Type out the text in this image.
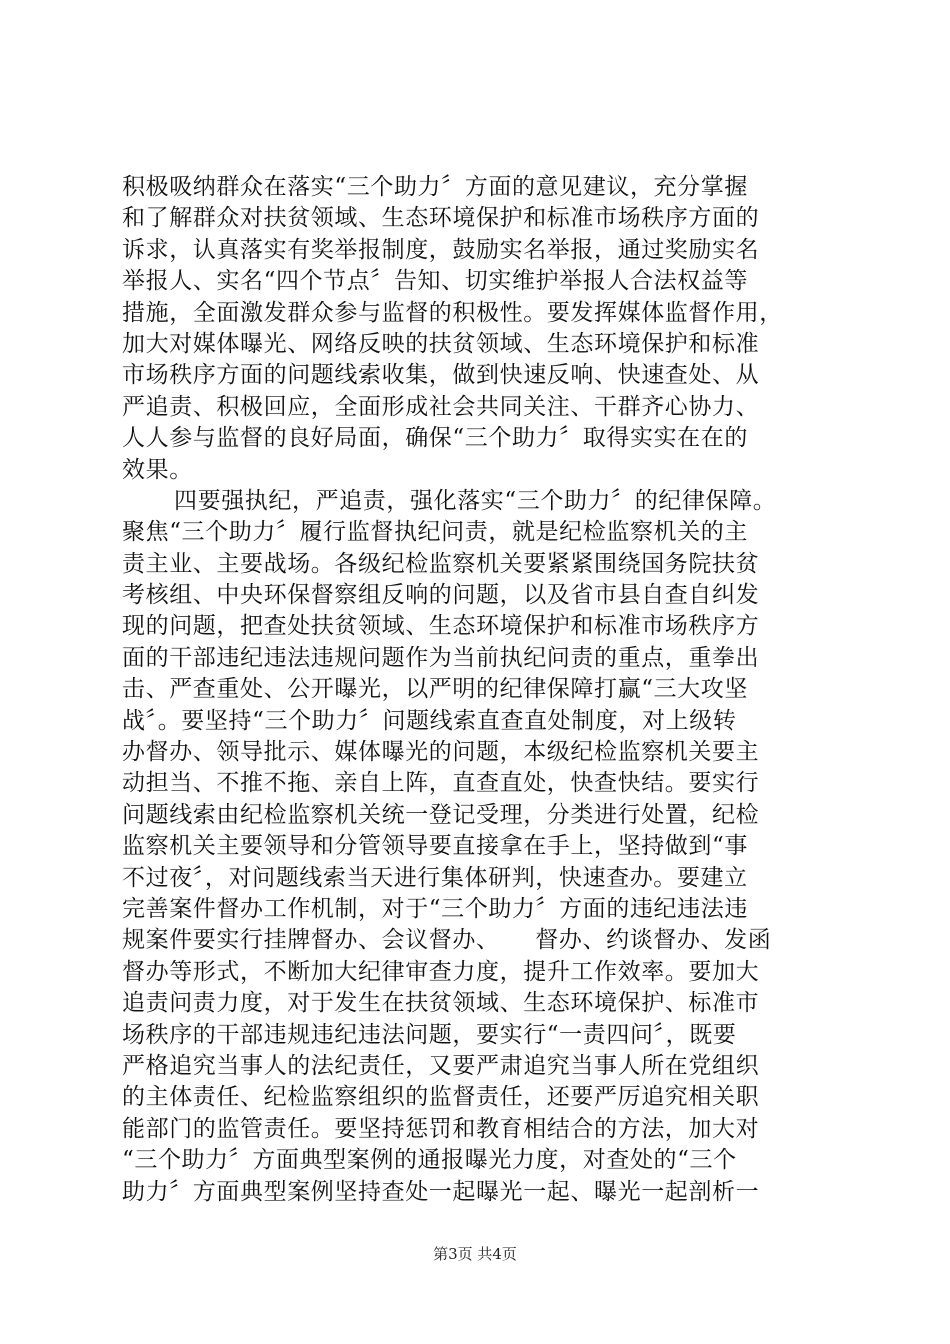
积极吸纳群众在落实“三个助力〞方面的意见建议，充分掌握
和了解群众对扶贫领域、生态环境保护和标准市场秩序方面的
诉求，认真落实有奖举报制度，鼓励实名举报，通过奖励实名
举报人、实名“四个节点〞告知、切实维护举报人合法权益等
措施，全面激发群众参与监督的积极性。要发挥媒体监督作用，
加大对媒体曝光、网络反映的扶贫领域、生态环境保护和标准
市场秩序方面的问题线索收集，做到快速反响、快速查处、从
严追责、积极回应，全面形成社会共同关注、干群齐心协力、
人人参与监督的良好局面，确保“三个助力〞取得实实在在的
效果。
四要强执纪，严追责，强化落实“三个助力〞的纪律保障。
聚焦“三个助力〞履行监督执纪问责，就是纪检监察机关的主
责主业、主要战场。各级纪检监察机关要紧紧围绕国务院扶贫
考核组、中央环保督察组反响的问题，以及省市县自查自纠发
现的问题，把查处扶贫领域、生态环境保护和标准市场秩序方
面的干部违纪违法违规问题作为当前执纪问责的重点，重拳出
击、严查重处、公开曝光，以严明的纪律保障打赢“三大攻坚
战〞。要坚持“三个助力〞问题线索直查直处制度，对上级转
办督办、领导批示、媒体曝光的问题，本级纪检监察机关要主
动担当、不推不拖、亲自上阵，直查直处，快查快结。要实行
问题线索由纪检监察机关统一登记受理，分类进行处置，纪检
监察机关主要领导和分管领导要直接拿在手上，坚持做到“事
不过夜〞，对问题线索当天进行集体研判，快速查办。要建立
完善案件督办工作机制，对于“三个助力〞方面的违纪违法违
规案件要实行挂牌督办、会议督办、　　督办、约谈督办、发函
督办等形式，不断加大纪律审查力度，提升工作效率。要加大
追责问责力度，对于发生在扶贫领域、生态环境保护、标准市
场秩序的干部违规违纪违法问题，要实行“一责四问〞，既要
严格追究当事人的法纪责任，又要严肃追究当事人所在党组织
的主体责任、纪检监察组织的监督责任，还要严厉追究相关职
能部门的监管责任。要坚持惩罚和教育相结合的方法，加大对
“三个助力〞方面典型案例的通报曝光力度，对查处的“三个
助力〞方面典型案例坚持查处一起曝光一起、曝光一起剖析一
第3页 共4页
